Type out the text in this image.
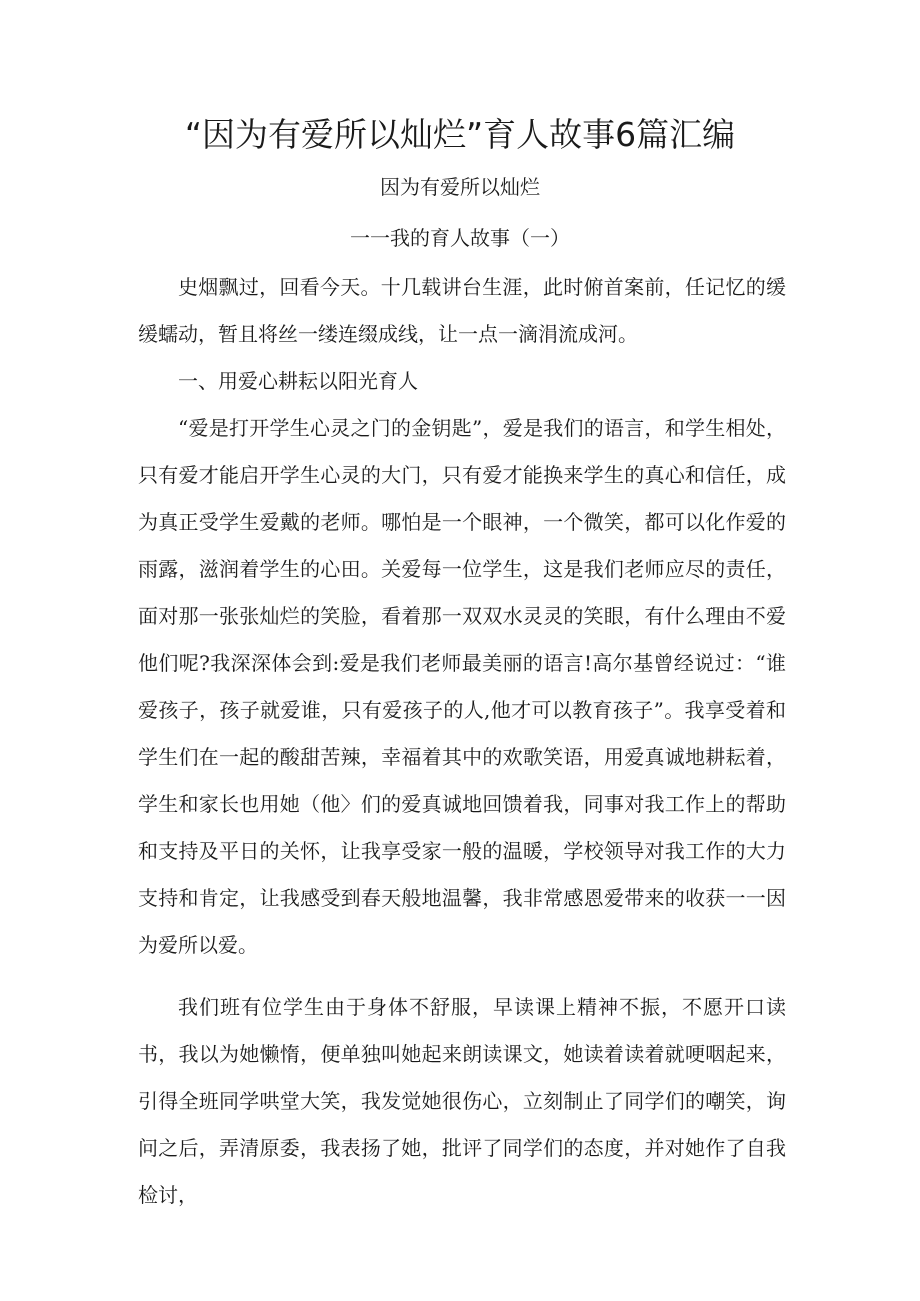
“因为有爱所以灿烂”育人故事6篇汇编

因为有爱所以灿烂

一一我的育人故事（一）

史烟飘过，回看今天。十几载讲台生涯，此时俯首案前，任记忆的缓缓蠕动，暂且将丝一缕连缀成线，让一点一滴涓流成河。

一、用爱心耕耘以阳光育人

“爱是打开学生心灵之门的金钥匙”，爱是我们的语言，和学生相处，只有爱才能启开学生心灵的大门，只有爱才能换来学生的真心和信任，成为真正受学生爱戴的老师。哪怕是一个眼神，一个微笑，都可以化作爱的雨露，滋润着学生的心田。关爱每一位学生，这是我们老师应尽的责任，面对那一张张灿烂的笑脸，看着那一双双水灵灵的笑眼，有什么理由不爱他们呢?我深深体会到:爱是我们老师最美丽的语言!高尔基曾经说过：“谁爱孩子，孩子就爱谁，只有爱孩子的人,他才可以教育孩子”。我享受着和学生们在一起的酸甜苦辣，幸福着其中的欢歌笑语，用爱真诚地耕耘着，学生和家长也用她（他〉们的爱真诚地回馈着我，同事对我工作上的帮助和支持及平日的关怀，让我享受家一般的温暖，学校领导对我工作的大力支持和肯定，让我感受到春天般地温馨，我非常感恩爱带来的收获一一因为爱所以爱。

我们班有位学生由于身体不舒服，早读课上精神不振，不愿开口读书，我以为她懒惰，便单独叫她起来朗读课文，她读着读着就哽咽起来，引得全班同学哄堂大笑，我发觉她很伤心，立刻制止了同学们的嘲笑，询问之后，弄清原委，我表扬了她，批评了同学们的态度，并对她作了自我检讨，
